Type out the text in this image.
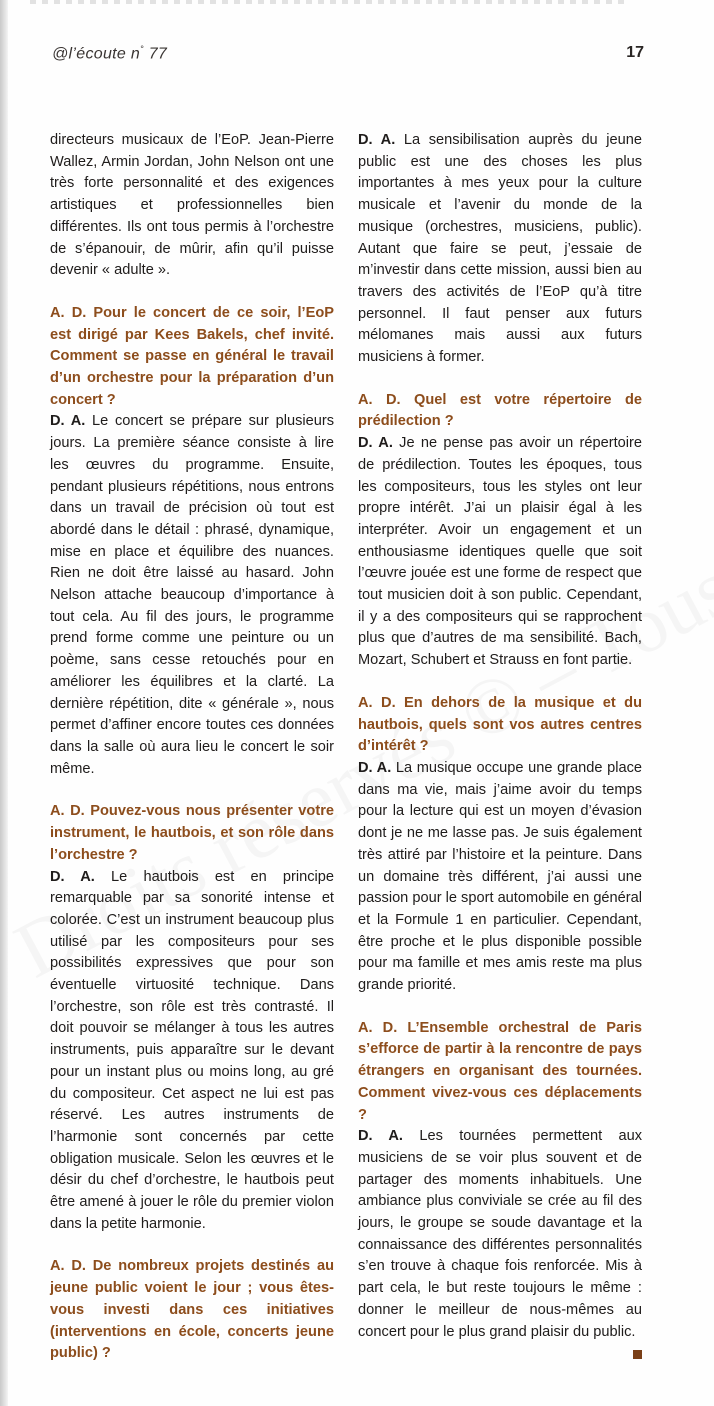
@l’écoute n° 77	17

directeurs musicaux de l’EoP. Jean-Pierre Wallez, Armin Jordan, John Nelson ont une très forte personnalité et des exigences artistiques et professionnelles bien différentes. Ils ont tous permis à l’orchestre de s’épanouir, de mûrir, afin qu’il puisse devenir « adulte ».

A. D. Pour le concert de ce soir, l’EoP est dirigé par Kees Bakels, chef invité. Comment se passe en général le travail d’un orchestre pour la préparation d’un concert ?

D. A. Le concert se prépare sur plusieurs jours. La première séance consiste à lire les œuvres du programme. Ensuite, pendant plusieurs répétitions, nous entrons dans un travail de précision où tout est abordé dans le détail : phrasé, dynamique, mise en place et équilibre des nuances. Rien ne doit être laissé au hasard. John Nelson attache beaucoup d’importance à tout cela. Au fil des jours, le programme prend forme comme une peinture ou un poème, sans cesse retouchés pour en améliorer les équilibres et la clarté. La dernière répétition, dite « générale », nous permet d’affiner encore toutes ces données dans la salle où aura lieu le concert le soir même.

A. D. Pouvez-vous nous présenter votre instrument, le hautbois, et son rôle dans l’orchestre ?

D. A. Le hautbois est en principe remarquable par sa sonorité intense et colorée. C’est un instrument beaucoup plus utilisé par les compositeurs pour ses possibilités expressives que pour son éventuelle virtuosité technique. Dans l’orchestre, son rôle est très contrasté. Il doit pouvoir se mélanger à tous les autres instruments, puis apparaître sur le devant pour un instant plus ou moins long, au gré du compositeur. Cet aspect ne lui est pas réservé. Les autres instruments de l’harmonie sont concernés par cette obligation musicale. Selon les œuvres et le désir du chef d’orchestre, le hautbois peut être amené à jouer le rôle du premier violon dans la petite harmonie.

A. D. De nombreux projets destinés au jeune public voient le jour ; vous êtes-vous investi dans ces initiatives (interventions en école, concerts jeune public) ?

D. A. La sensibilisation auprès du jeune public est une des choses les plus importantes à mes yeux pour la culture musicale et l’avenir du monde de la musique (orchestres, musiciens, public). Autant que faire se peut, j’essaie de m’investir dans cette mission, aussi bien au travers des activités de l’EoP qu’à titre personnel. Il faut penser aux futurs mélomanes mais aussi aux futurs musiciens à former.

A. D. Quel est votre répertoire de prédilection ?

D. A. Je ne pense pas avoir un répertoire de prédilection. Toutes les époques, tous les compositeurs, tous les styles ont leur propre intérêt. J’ai un plaisir égal à les interpréter. Avoir un engagement et un enthousiasme identiques quelle que soit l’œuvre jouée est une forme de respect que tout musicien doit à son public. Cependant, il y a des compositeurs qui se rapprochent plus que d’autres de ma sensibilité. Bach, Mozart, Schubert et Strauss en font partie.

A. D. En dehors de la musique et du hautbois, quels sont vos autres centres d’intérêt ?

D. A. La musique occupe une grande place dans ma vie, mais j’aime avoir du temps pour la lecture qui est un moyen d’évasion dont je ne me lasse pas. Je suis également très attiré par l’histoire et la peinture. Dans un domaine très différent, j’ai aussi une passion pour le sport automobile en général et la Formule 1 en particulier. Cependant, être proche et le plus disponible possible pour ma famille et mes amis reste ma plus grande priorité.

A. D. L’Ensemble orchestral de Paris s’efforce de partir à la rencontre de pays étrangers en organisant des tournées. Comment vivez-vous ces déplacements ?

D. A. Les tournées permettent aux musiciens de se voir plus souvent et de partager des moments inhabituels. Une ambiance plus conviviale se crée au fil des jours, le groupe se soude davantage et la connaissance des différentes personnalités s’en trouve à chaque fois renforcée. Mis à part cela, le but reste toujours le même : donner le meilleur de nous-mêmes au concert pour le plus grand plaisir du public.
